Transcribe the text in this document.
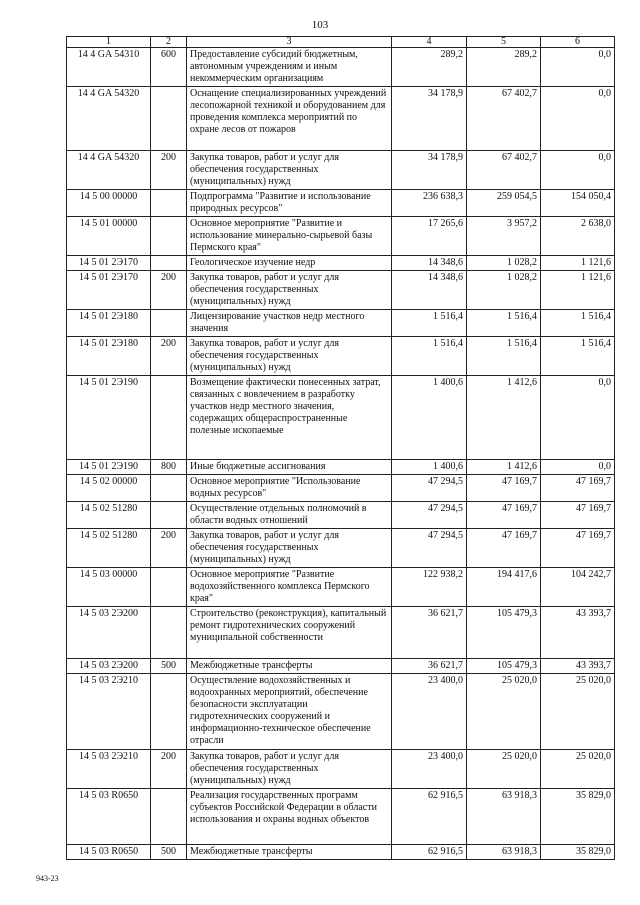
103
1	2	3	4	5	6
14 4 GA 54310	600	Предоставление субсидий бюджетным, автономным учреждениям и иным некоммерческим организациям	289,2	289,2	0,0
14 4 GA 54320		Оснащение специализированных учреждений лесопожарной техникой и оборудованием для проведения комплекса мероприятий по охране лесов от пожаров	34 178,9	67 402,7	0,0
14 4 GA 54320	200	Закупка товаров, работ и услуг для обеспечения государственных (муниципальных) нужд	34 178,9	67 402,7	0,0
14 5 00 00000		Подпрограмма "Развитие и использование природных ресурсов"	236 638,3	259 054,5	154 050,4
14 5 01 00000		Основное мероприятие "Развитие и использование минерально-сырьевой базы Пермского края"	17 265,6	3 957,2	2 638,0
14 5 01 2Э170		Геологическое изучение недр	14 348,6	1 028,2	1 121,6
14 5 01 2Э170	200	Закупка товаров, работ и услуг для обеспечения государственных (муниципальных) нужд	14 348,6	1 028,2	1 121,6
14 5 01 2Э180		Лицензирование участков недр местного значения	1 516,4	1 516,4	1 516,4
14 5 01 2Э180	200	Закупка товаров, работ и услуг для обеспечения государственных (муниципальных) нужд	1 516,4	1 516,4	1 516,4
14 5 01 2Э190		Возмещение фактически понесенных затрат, связанных с вовлечением в разработку участков недр местного значения, содержащих общераспространенные полезные ископаемые	1 400,6	1 412,6	0,0
14 5 01 2Э190	800	Иные бюджетные ассигнования	1 400,6	1 412,6	0,0
14 5 02 00000		Основное мероприятие "Использование водных ресурсов"	47 294,5	47 169,7	47 169,7
14 5 02 51280		Осуществление отдельных полномочий в области водных отношений	47 294,5	47 169,7	47 169,7
14 5 02 51280	200	Закупка товаров, работ и услуг для обеспечения государственных (муниципальных) нужд	47 294,5	47 169,7	47 169,7
14 5 03 00000		Основное мероприятие "Развитие водохозяйственного комплекса Пермского края"	122 938,2	194 417,6	104 242,7
14 5 03 2Э200		Строительство (реконструкция), капитальный ремонт гидротехнических сооружений муниципальной собственности	36 621,7	105 479,3	43 393,7
14 5 03 2Э200	500	Межбюджетные трансферты	36 621,7	105 479,3	43 393,7
14 5 03 2Э210		Осуществление водохозяйственных и водоохранных мероприятий, обеспечение безопасности эксплуатации гидротехнических сооружений и информационно-техническое обеспечение отрасли	23 400,0	25 020,0	25 020,0
14 5 03 2Э210	200	Закупка товаров, работ и услуг для обеспечения государственных (муниципальных) нужд	23 400,0	25 020,0	25 020,0
14 5 03 R0650		Реализация государственных программ субъектов Российской Федерации в области использования и охраны водных объектов	62 916,5	63 918,3	35 829,0
14 5 03 R0650	500	Межбюджетные трансферты	62 916,5	63 918,3	35 829,0
943-23
